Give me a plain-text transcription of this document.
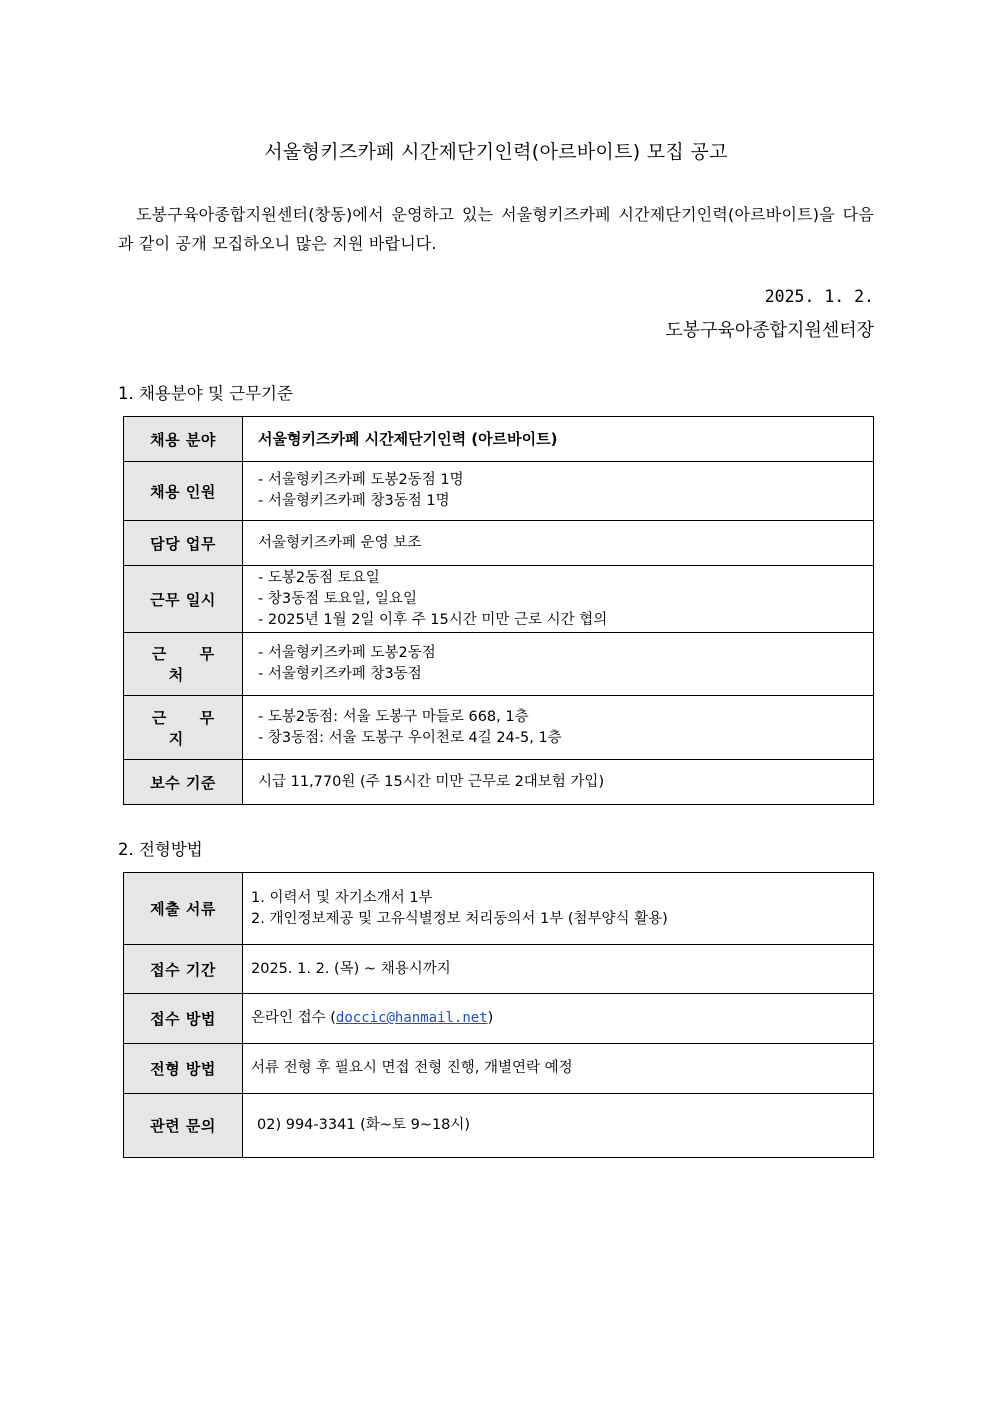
서울형키즈카페 시간제단기인력(아르바이트) 모집 공고
도봉구육아종합지원센터(창동)에서 운영하고 있는 서울형키즈카페 시간제단기인력(아르바이트)을 다음과 같이 공개 모집하오니 많은 지원 바랍니다.
2025. 1. 2.
도봉구육아종합지원센터장
1. 채용분야 및 근무기준
채용 분야	서울형키즈카페 시간제단기인력 (아르바이트)

채용 인원	- 서울형키즈카페 도봉2동점 1명
- 서울형키즈카페 창3동점 1명

담당 업무	서울형키즈카페 운영 보조

근무 일시	- 도봉2동점 토요일
- 창3동점 토요일, 일요일
- 2025년 1월 2일 이후 주 15시간 미만 근로 시간 협의

근 무 처	- 서울형키즈카페 도봉2동점
- 서울형키즈카페 창3동점

근 무 지	- 도봉2동점: 서울 도봉구 마들로 668, 1층
- 창3동점: 서울 도봉구 우이천로 4길 24-5, 1층

보수 기준	시급 11,770원 (주 15시간 미만 근무로 2대보험 가입)
2. 전형방법
제출 서류	1. 이력서 및 자기소개서 1부
2. 개인정보제공 및 고유식별정보 처리동의서 1부 (첨부양식 활용)

접수 기간	2025. 1. 2. (목) ~ 채용시까지

접수 방법	온라인 접수 (doccic@hanmail.net)

전형 방법	서류 전형 후 필요시 면접 전형 진행, 개별연락 예정

관련 문의	02) 994-3341 (화~토 9~18시)
